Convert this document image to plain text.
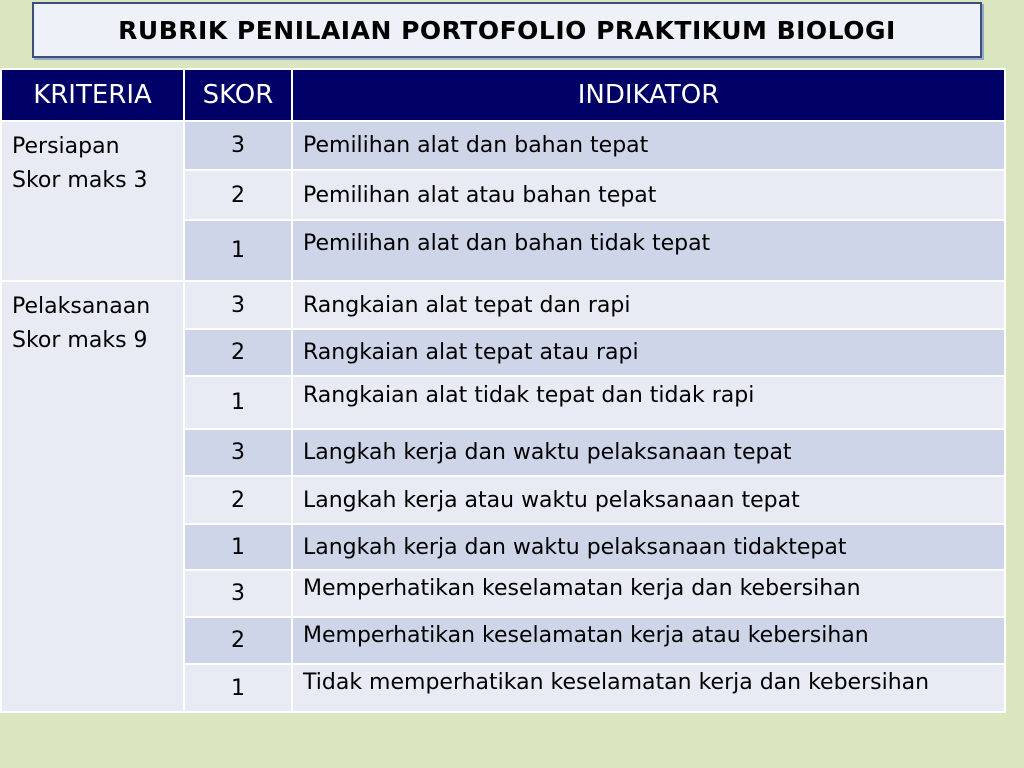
RUBRIK PENILAIAN PORTOFOLIO PRAKTIKUM BIOLOGI
KRITERIA	SKOR	INDIKATOR

Persiapan
Skor maks 3	3	Pemilihan alat dan bahan tepat
	2	Pemilihan alat atau bahan tepat
	1	Pemilihan alat dan bahan tidak tepat

Pelaksanaan
Skor maks 9	3	Rangkaian alat tepat dan rapi
	2	Rangkaian alat tepat atau rapi
	1	Rangkaian alat tidak tepat dan tidak rapi
	3	Langkah kerja dan waktu pelaksanaan tepat
	2	Langkah kerja atau waktu pelaksanaan tepat
	1	Langkah kerja dan waktu pelaksanaan tidaktepat
	3	Memperhatikan keselamatan kerja dan kebersihan
	2	Memperhatikan keselamatan kerja atau kebersihan
	1	Tidak memperhatikan keselamatan kerja dan kebersihan
